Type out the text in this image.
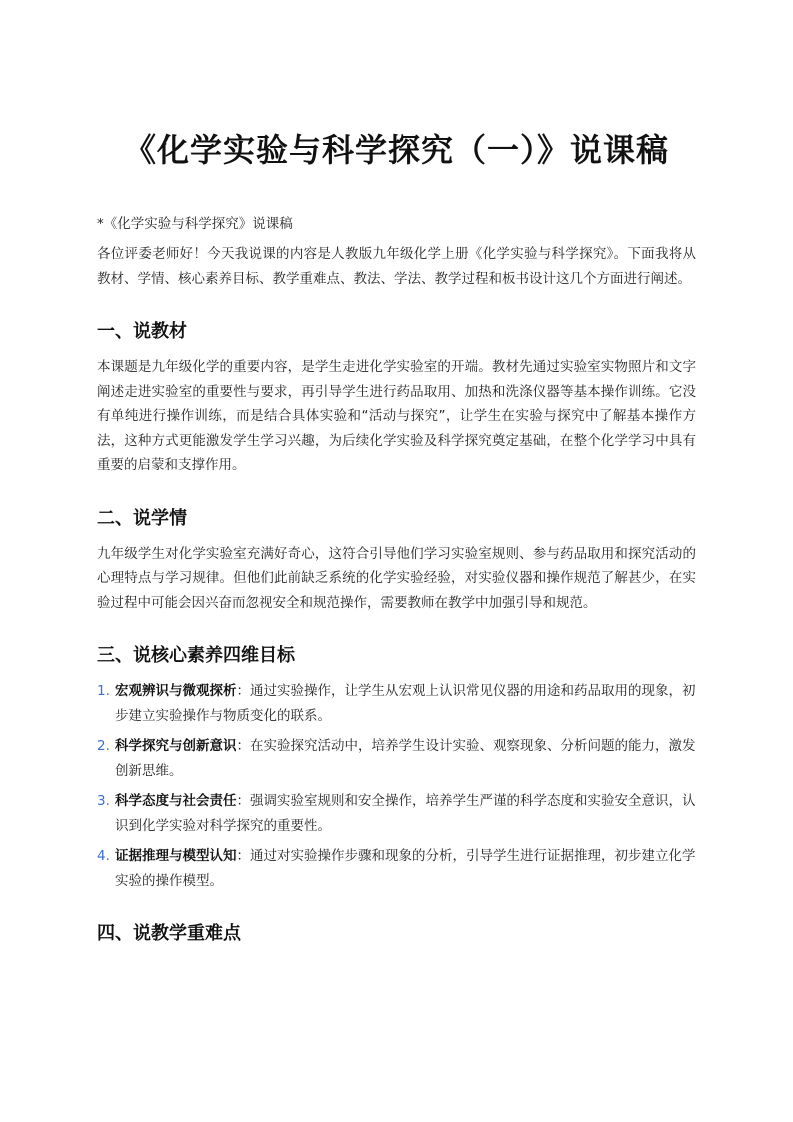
《化学实验与科学探究（一）》说课稿

*《化学实验与科学探究》说课稿

各位评委老师好！今天我说课的内容是人教版九年级化学上册《化学实验与科学探究》。下面我将从教材、学情、核心素养目标、教学重难点、教法、学法、教学过程和板书设计这几个方面进行阐述。

一、说教材

本课题是九年级化学的重要内容，是学生走进化学实验室的开端。教材先通过实验室实物照片和文字阐述走进实验室的重要性与要求，再引导学生进行药品取用、加热和洗涤仪器等基本操作训练。它没有单纯进行操作训练，而是结合具体实验和“活动与探究”，让学生在实验与探究中了解基本操作方法，这种方式更能激发学生学习兴趣，为后续化学实验及科学探究奠定基础，在整个化学学习中具有重要的启蒙和支撑作用。

二、说学情

九年级学生对化学实验室充满好奇心，这符合引导他们学习实验室规则、参与药品取用和探究活动的心理特点与学习规律。但他们此前缺乏系统的化学实验经验，对实验仪器和操作规范了解甚少，在实验过程中可能会因兴奋而忽视安全和规范操作，需要教师在教学中加强引导和规范。

三、说核心素养四维目标
1. 宏观辨识与微观探析：通过实验操作，让学生从宏观上认识常见仪器的用途和药品取用的现象，初步建立实验操作与物质变化的联系。
2. 科学探究与创新意识：在实验探究活动中，培养学生设计实验、观察现象、分析问题的能力，激发创新思维。
3. 科学态度与社会责任：强调实验室规则和安全操作，培养学生严谨的科学态度和实验安全意识，认识到化学实验对科学探究的重要性。
4. 证据推理与模型认知：通过对实验操作步骤和现象的分析，引导学生进行证据推理，初步建立化学实验的操作模型。
四、说教学重难点
